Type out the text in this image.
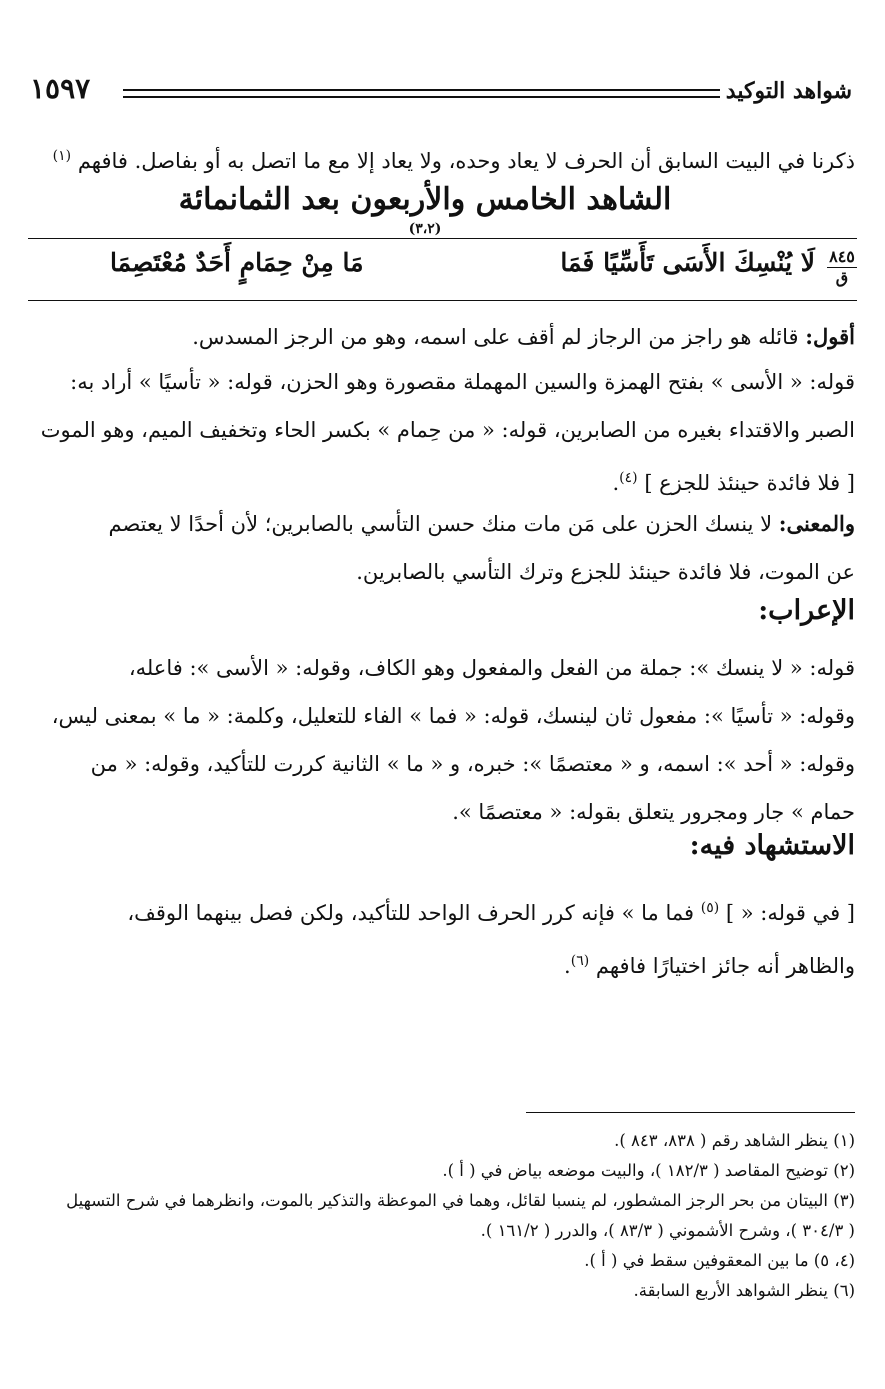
شواهد التوكيد
١٥٩٧
ذكرنا في البيت السابق أن الحرف لا يعاد وحده، ولا يعاد إلا مع ما اتصل به أو بفاصل. فافهم $^{(١)}$
الشاهد الخامس والأربعون بعد الثمانمائة $^{(٣،٢)}$
٨٤٥
ق
لَا يُنْسِكَ الأَسَى تَأَسِّيًا فَمَا
مَا مِنْ حِمَامٍ أَحَدٌ مُعْتَصِمَا

أقول: قائله هو راجز من الرجاز لم أقف على اسمه، وهو من الرجز المسدس.

قوله: « الأسى » بفتح الهمزة والسين المهملة مقصورة وهو الحزن، قوله: « تأسيًا » أراد به:

الصبر والاقتداء بغيره من الصابرين، قوله: « من حِمام » بكسر الحاء وتخفيف الميم، وهو الموت

[ فلا فائدة حينئذ للجزع ] $^{(٤)}$.

والمعنى: لا ينسك الحزن على مَن مات منك حسن التأسي بالصابرين؛ لأن أحدًا لا يعتصم

عن الموت، فلا فائدة حينئذ للجزع وترك التأسي بالصابرين.

الإعراب:

قوله: « لا ينسك »: جملة من الفعل والمفعول وهو الكاف، وقوله: « الأسى »: فاعله،

وقوله: « تأسيًا »: مفعول ثان لينسك، قوله: « فما » الفاء للتعليل، وكلمة: « ما » بمعنى ليس،

وقوله: « أحد »: اسمه، و « معتصمًا »: خبره، و « ما » الثانية كررت للتأكيد، وقوله: « من

حمام » جار ومجرور يتعلق بقوله: « معتصمًا ».

الاستشهاد فيه:

[ في قوله: « ] $^{(٥)}$ فما ما » فإنه كرر الحرف الواحد للتأكيد، ولكن فصل بينهما الوقف،

والظاهر أنه جائز اختيارًا فافهم $^{(٦)}$.

(١) ينظر الشاهد رقم ( ٨٣٨، ٨٤٣ ).
(٢) توضيح المقاصد ( ١٨٢/٣ )، والبيت موضعه بياض في ( أ ).
(٣) البيتان من بحر الرجز المشطور، لم ينسبا لقائل، وهما في الموعظة والتذكير بالموت، وانظرهما في شرح التسهيل
( ٣٠٤/٣ )، وشرح الأشموني ( ٨٣/٣ )، والدرر ( ١٦١/٢ ).
(٤، ٥) ما بين المعقوفين سقط في ( أ ).
(٦) ينظر الشواهد الأربع السابقة.
